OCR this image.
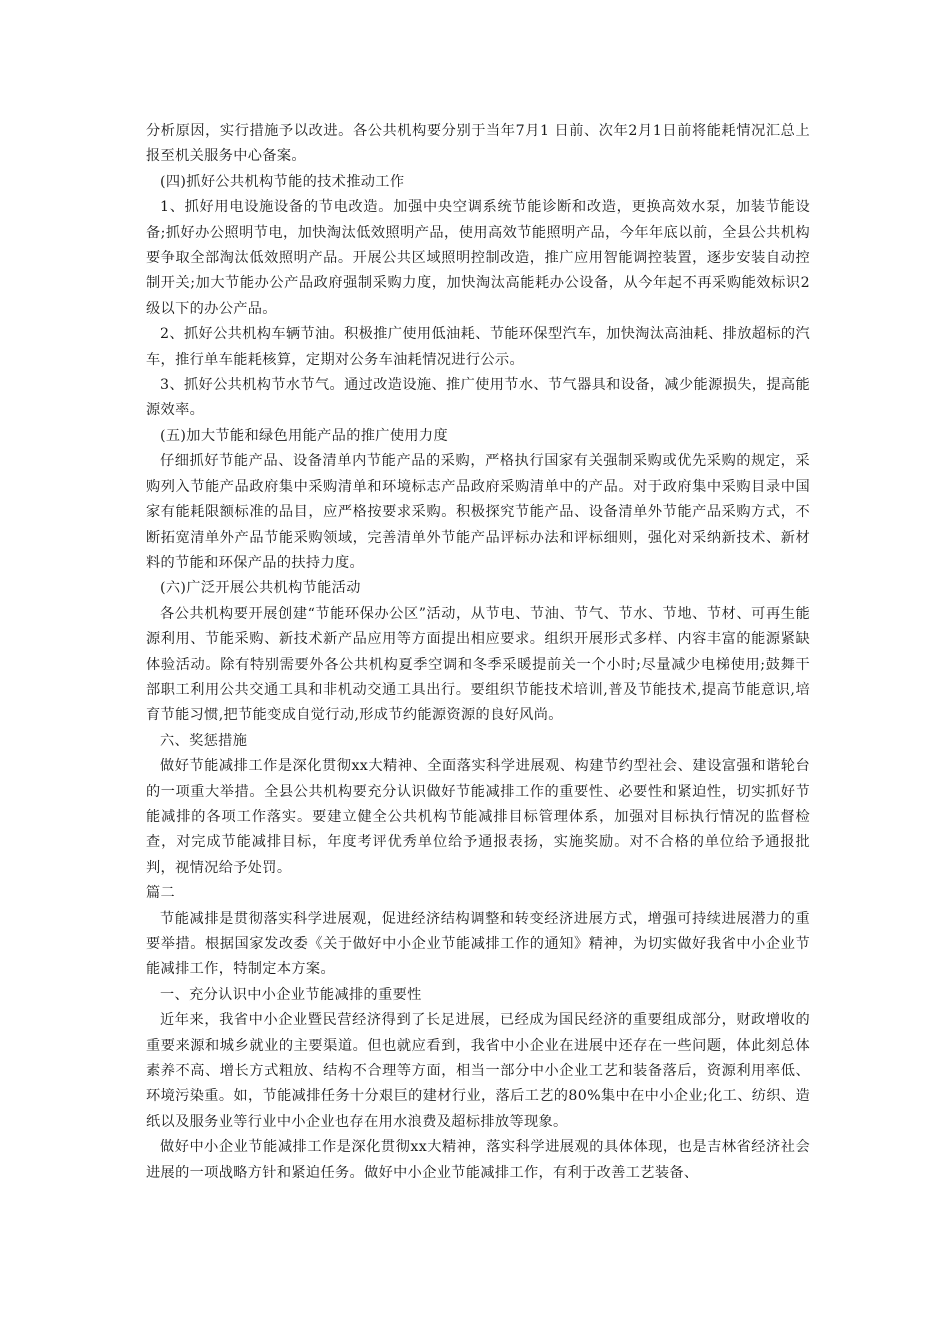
分析原因，实行措施予以改进。各公共机构要分别于当年7月1 日前、次年2月1日前将能耗情况汇总上报至机关服务中心备案。

(四)抓好公共机构节能的技术推动工作

1、抓好用电设施设备的节电改造。加强中央空调系统节能诊断和改造，更换高效水泵，加装节能设备;抓好办公照明节电，加快淘汰低效照明产品，使用高效节能照明产品，今年年底以前，全县公共机构要争取全部淘汰低效照明产品。开展公共区域照明控制改造，推广应用智能调控装置，逐步安装自动控制开关;加大节能办公产品政府强制采购力度，加快淘汰高能耗办公设备，从今年起不再采购能效标识2级以下的办公产品。

2、抓好公共机构车辆节油。积极推广使用低油耗、节能环保型汽车，加快淘汰高油耗、排放超标的汽车，推行单车能耗核算，定期对公务车油耗情况进行公示。

3、抓好公共机构节水节气。通过改造设施、推广使用节水、节气器具和设备，减少能源损失，提高能源效率。

(五)加大节能和绿色用能产品的推广使用力度

仔细抓好节能产品、设备清单内节能产品的采购，严格执行国家有关强制采购或优先采购的规定，采购列入节能产品政府集中采购清单和环境标志产品政府采购清单中的产品。对于政府集中采购目录中国家有能耗限额标准的品目，应严格按要求采购。积极探究节能产品、设备清单外节能产品采购方式，不断拓宽清单外产品节能采购领域，完善清单外节能产品评标办法和评标细则，强化对采纳新技术、新材料的节能和环保产品的扶持力度。

(六)广泛开展公共机构节能活动

各公共机构要开展创建“节能环保办公区”活动，从节电、节油、节气、节水、节地、节材、可再生能源利用、节能采购、新技术新产品应用等方面提出相应要求。组织开展形式多样、内容丰富的能源紧缺体验活动。除有特别需要外各公共机构夏季空调和冬季采暖提前关一个小时;尽量减少电梯使用;鼓舞干部职工利用公共交通工具和非机动交通工具出行。要组织节能技术培训,普及节能技术,提高节能意识,培育节能习惯,把节能变成自觉行动,形成节约能源资源的良好风尚。

六、奖惩措施

做好节能减排工作是深化贯彻xx大精神、全面落实科学进展观、构建节约型社会、建设富强和谐轮台的一项重大举措。全县公共机构要充分认识做好节能减排工作的重要性、必要性和紧迫性，切实抓好节能减排的各项工作落实。要建立健全公共机构节能减排目标管理体系，加强对目标执行情况的监督检查，对完成节能减排目标，年度考评优秀单位给予通报表扬，实施奖励。对不合格的单位给予通报批判，视情况给予处罚。

篇二

节能减排是贯彻落实科学进展观，促进经济结构调整和转变经济进展方式，增强可持续进展潜力的重要举措。根据国家发改委《关于做好中小企业节能减排工作的通知》精神，为切实做好我省中小企业节能减排工作，特制定本方案。

一、充分认识中小企业节能减排的重要性

近年来，我省中小企业暨民营经济得到了长足进展，已经成为国民经济的重要组成部分，财政增收的重要来源和城乡就业的主要渠道。但也就应看到，我省中小企业在进展中还存在一些问题，体此刻总体素养不高、增长方式粗放、结构不合理等方面，相当一部分中小企业工艺和装备落后，资源利用率低、环境污染重。如，节能减排任务十分艰巨的建材行业，落后工艺的80%集中在中小企业;化工、纺织、造纸以及服务业等行业中小企业也存在用水浪费及超标排放等现象。

做好中小企业节能减排工作是深化贯彻xx大精神，落实科学进展观的具体体现，也是吉林省经济社会进展的一项战略方针和紧迫任务。做好中小企业节能减排工作，有利于改善工艺装备、
